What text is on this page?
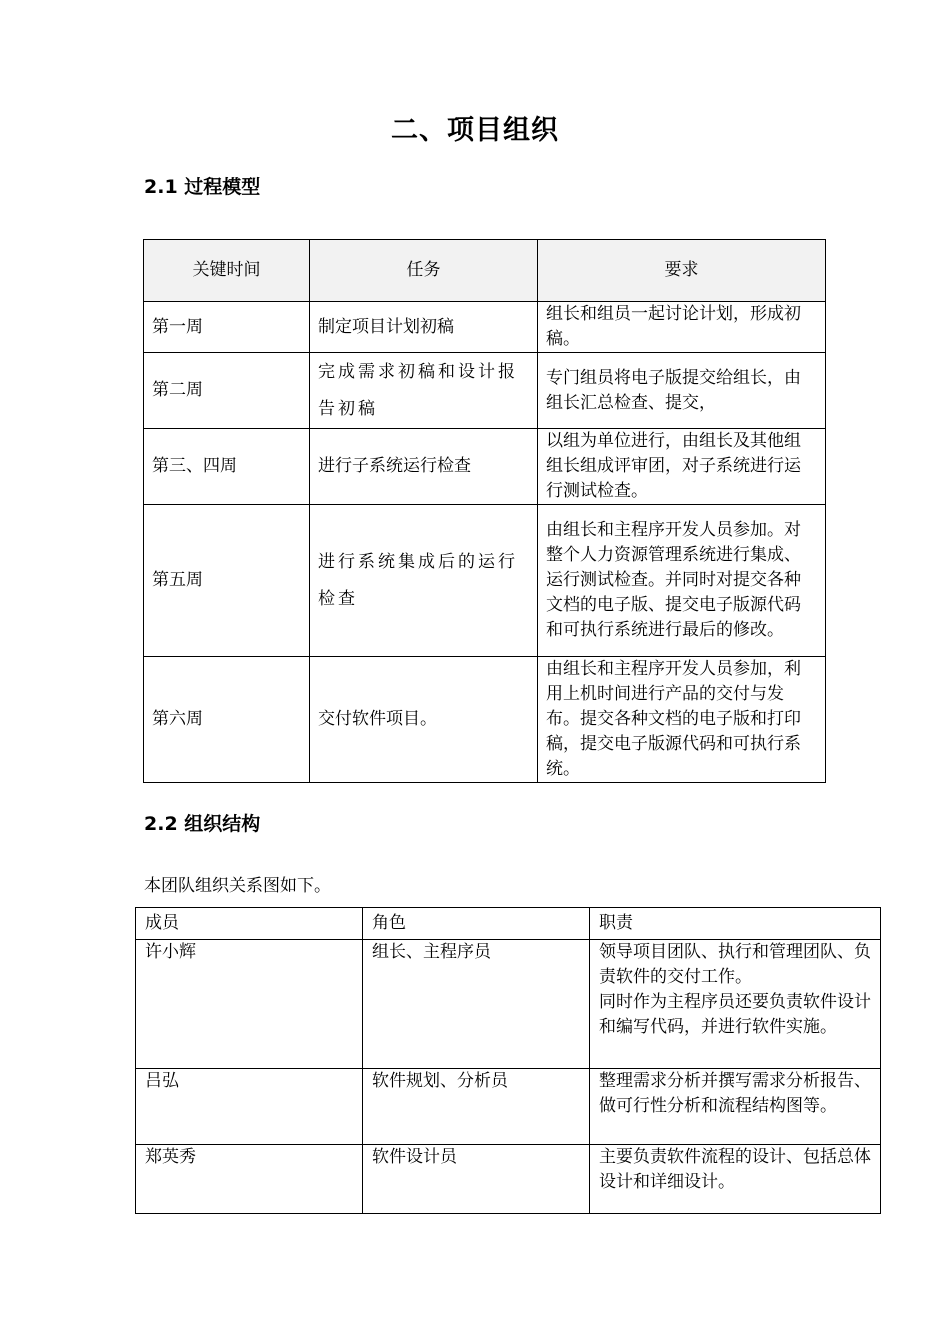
二、项目组织
2.1 过程模型
关键时间	任务	要求
第一周	制定项目计划初稿	组长和组员一起讨论计划，形成初稿。
第二周	完成需求初稿和设计报告初稿	专门组员将电子版提交给组长，由组长汇总检查、提交，
第三、四周	进行子系统运行检查	以组为单位进行，由组长及其他组组长组成评审团，对子系统进行运行测试检查。
第五周	进行系统集成后的运行检查	由组长和主程序开发人员参加。对整个人力资源管理系统进行集成、运行测试检查。并同时对提交各种文档的电子版、提交电子版源代码和可执行系统进行最后的修改。
第六周	交付软件项目。	由组长和主程序开发人员参加，利用上机时间进行产品的交付与发布。提交各种文档的电子版和打印稿，提交电子版源代码和可执行系统。
2.2 组织结构
本团队组织关系图如下。
成员	角色	职责
许小辉	组长、主程序员	领导项目团队、执行和管理团队、负责软件的交付工作。

同时作为主程序员还要负责软件设计和编写代码，并进行软件实施。

吕弘	软件规划、分析员	整理需求分析并撰写需求分析报告、做可行性分析和流程结构图等。
郑英秀	软件设计员	主要负责软件流程的设计、包括总体设计和详细设计。
